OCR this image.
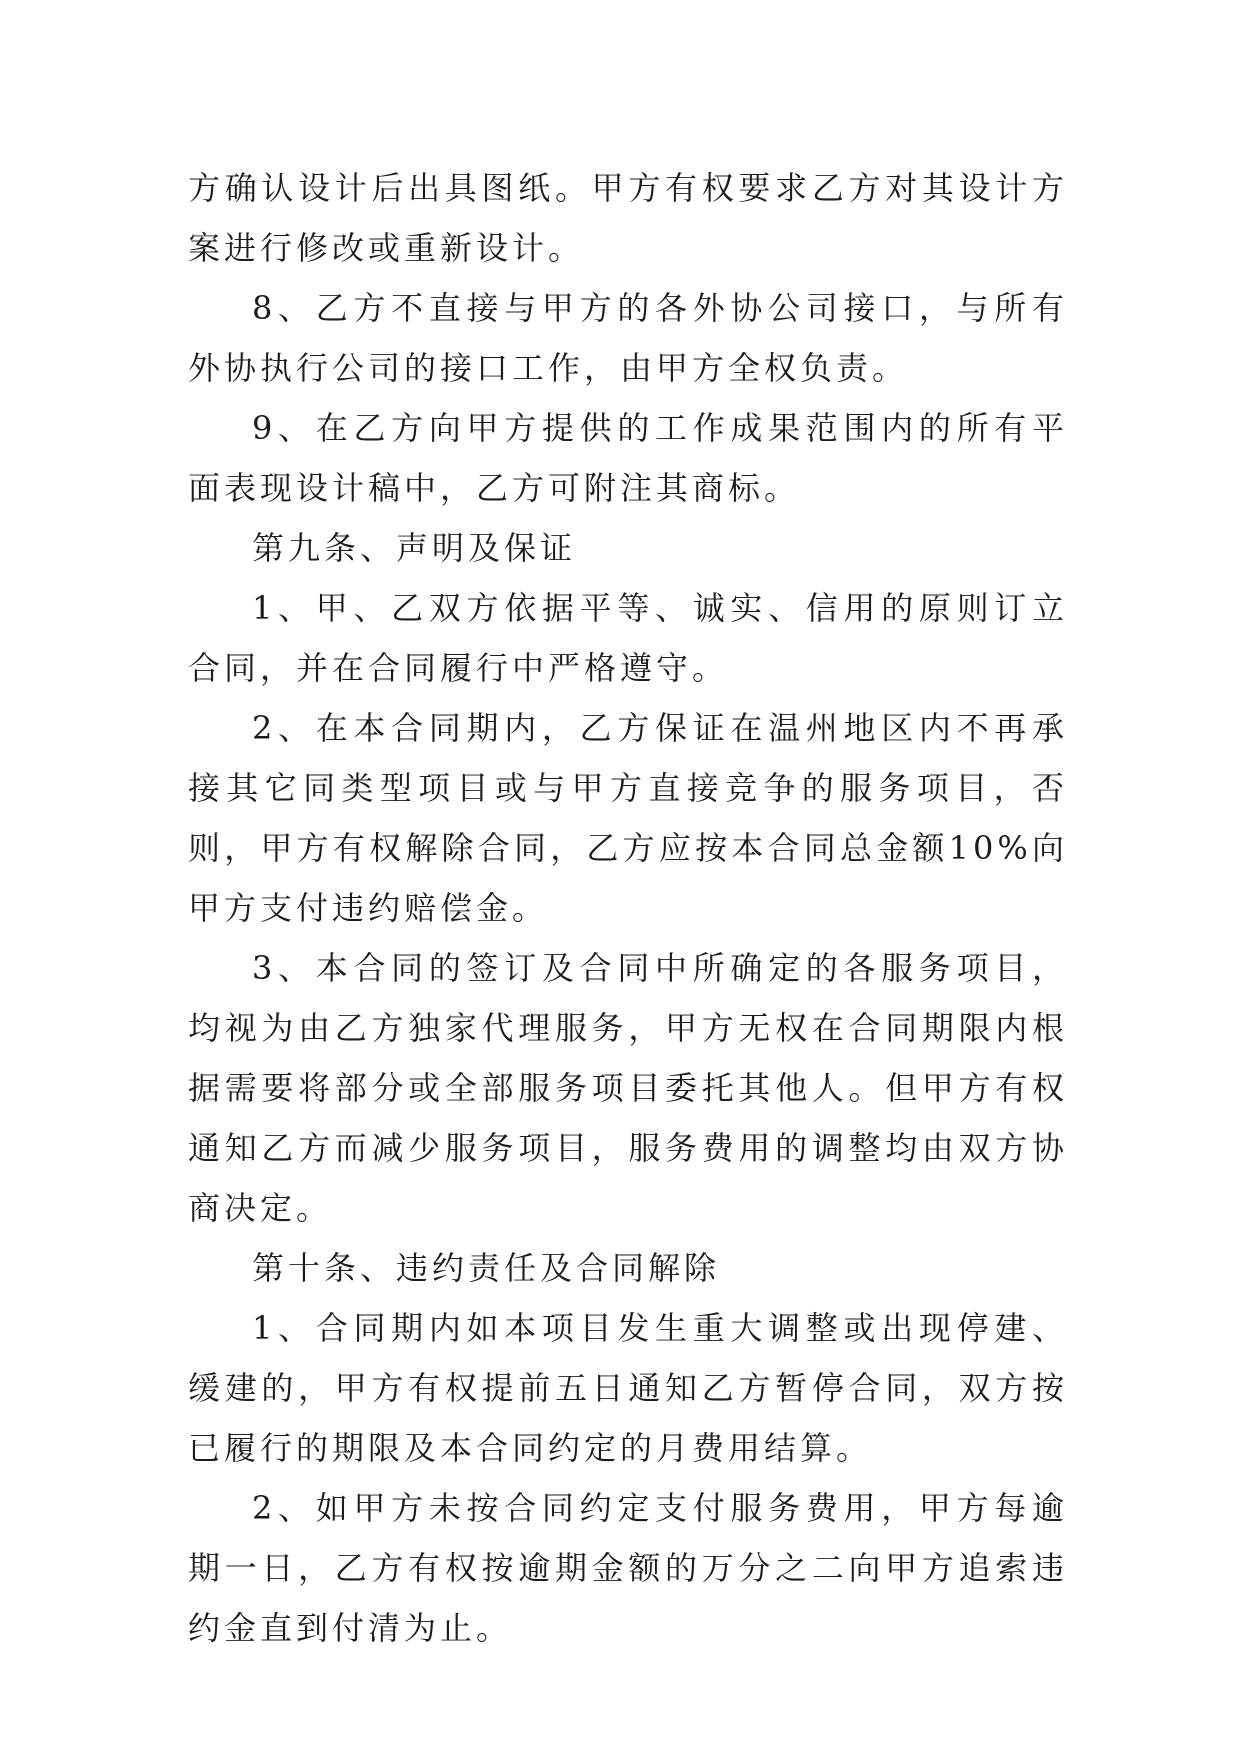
方确认设计后出具图纸。甲方有权要求乙方对其设计方案进行修改或重新设计。

8、乙方不直接与甲方的各外协公司接口，与所有外协执行公司的接口工作，由甲方全权负责。

9、在乙方向甲方提供的工作成果范围内的所有平面表现设计稿中，乙方可附注其商标。

第九条、声明及保证

1、甲、乙双方依据平等、诚实、信用的原则订立合同，并在合同履行中严格遵守。

2、在本合同期内，乙方保证在温州地区内不再承接其它同类型项目或与甲方直接竞争的服务项目，否则，甲方有权解除合同，乙方应按本合同总金额10%向甲方支付违约赔偿金。

3、本合同的签订及合同中所确定的各服务项目，均视为由乙方独家代理服务，甲方无权在合同期限内根据需要将部分或全部服务项目委托其他人。但甲方有权通知乙方而减少服务项目，服务费用的调整均由双方协商决定。

第十条、违约责任及合同解除

1、合同期内如本项目发生重大调整或出现停建、缓建的，甲方有权提前五日通知乙方暂停合同，双方按已履行的期限及本合同约定的月费用结算。

2、如甲方未按合同约定支付服务费用，甲方每逾期一日，乙方有权按逾期金额的万分之二向甲方追索违约金直到付清为止。
